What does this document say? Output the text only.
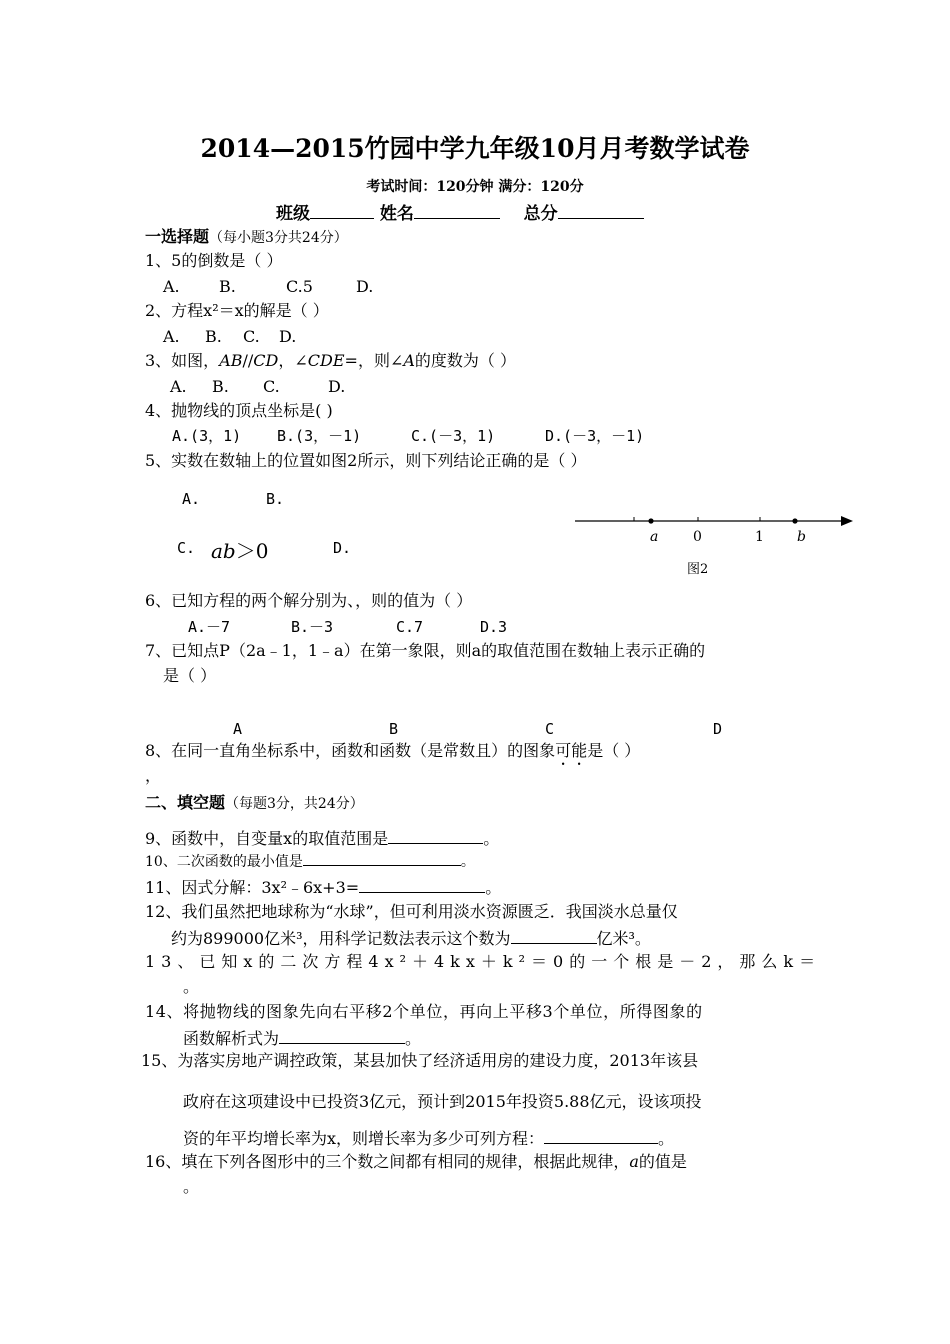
2014—2015竹园中学九年级10月月考数学试卷
考试时间：120分钟 满分：120分
班级	姓名	总分
一选择题（每小题3分共24分）
1、5的倒数是（ ）
A. B.	C.5	D.
2、方程x²＝x的解是（ ）
A. B. C. D.
3、如图，AB//CD，∠CDE=，则∠A的度数为（ ）
A. B. C.	D.
4、抛物线的顶点坐标是( )
A.(3，1) B.(3，－1)	C.(－3，1)	D.(－3，－1)
5、实数在数轴上的位置如图2所示，则下列结论正确的是（ ）
A.	B.
C. ab＞0	D.
a 0	1 b
图2
6、已知方程的两个解分别为、，则的值为（ ）
A.－7	B.－3	C.7	D.3
7、已知点P（2a﹣1，1﹣a）在第一象限，则a的取值范围在数轴上表示正确的
是（ ）
A	B	C	D
8、在同一直角坐标系中，函数和函数（是常数且）的图象可能是（ ）
，
二、填空题（每题3分，共24分）
9、函数中，自变量x的取值范围是	。
10、二次函数的最小值是	。
11、因式分解：3x²﹣6x+3=	。
12、我们虽然把地球称为“水球”，但可利用淡水资源匮乏．我国淡水总量仅
约为899000亿米³，用科学记数法表示这个数为	亿米³。
13、已知x的二次方程4x²＋4kx＋k²＝0的一个根是－2，那么k＝
。
14、将抛物线的图象先向右平移2个单位，再向上平移3个单位，所得图象的
函数解析式为	。
15、为落实房地产调控政策，某县加快了经济适用房的建设力度，2013年该县
政府在这项建设中已投资3亿元，预计到2015年投资5.88亿元，设该项投
资的年平均增长率为x，则增长率为多少可列方程：	。
16、填在下列各图形中的三个数之间都有相同的规律，根据此规律，a的值是
。
